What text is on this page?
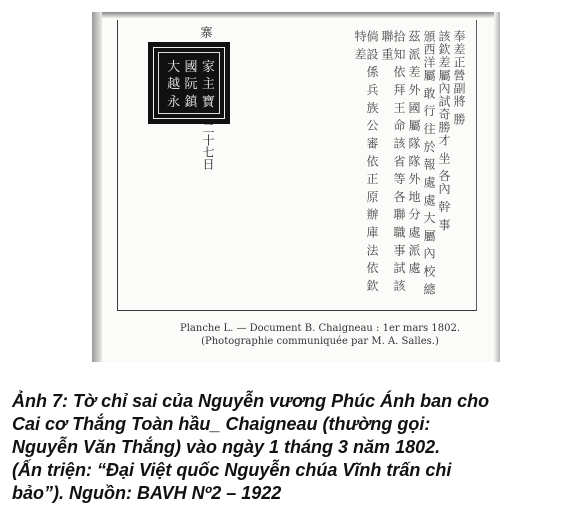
寨
大 國 家
越 阮 主
永 鎮 寶
二十七日
奉差正營副將 勝
該欽差屬內試奇勝才 坐 各內 幹 事
頒西洋屬 敢 行 往 於 報 處 處 大 屬 內 校 總
茲 派 差 外 國 屬 隊 隊 外 地 分 處 派 處
拾 知 依 拜 王 命 該 省 等 各 聯 職 事 試 該 聯 重
倘 設 係 兵 族 公 審 依 正 原 辦 庫 法 依 欽 特 差
Planche L. — Document B. Chaigneau : 1er mars 1802.
(Photographie communiquée par M. A. Salles.)
Ảnh 7: Tờ chỉ sai của Nguyễn vương Phúc Ánh ban cho
Cai cơ Thắng Toàn hầu_ Chaigneau (thường gọi:
Nguyễn Văn Thắng) vào ngày 1 tháng 3 năm 1802.
(Ấn triện: “Đại Việt quốc Nguyễn chúa Vĩnh trấn chi
bảo”). Nguồn: BAVH Nº2 – 1922
